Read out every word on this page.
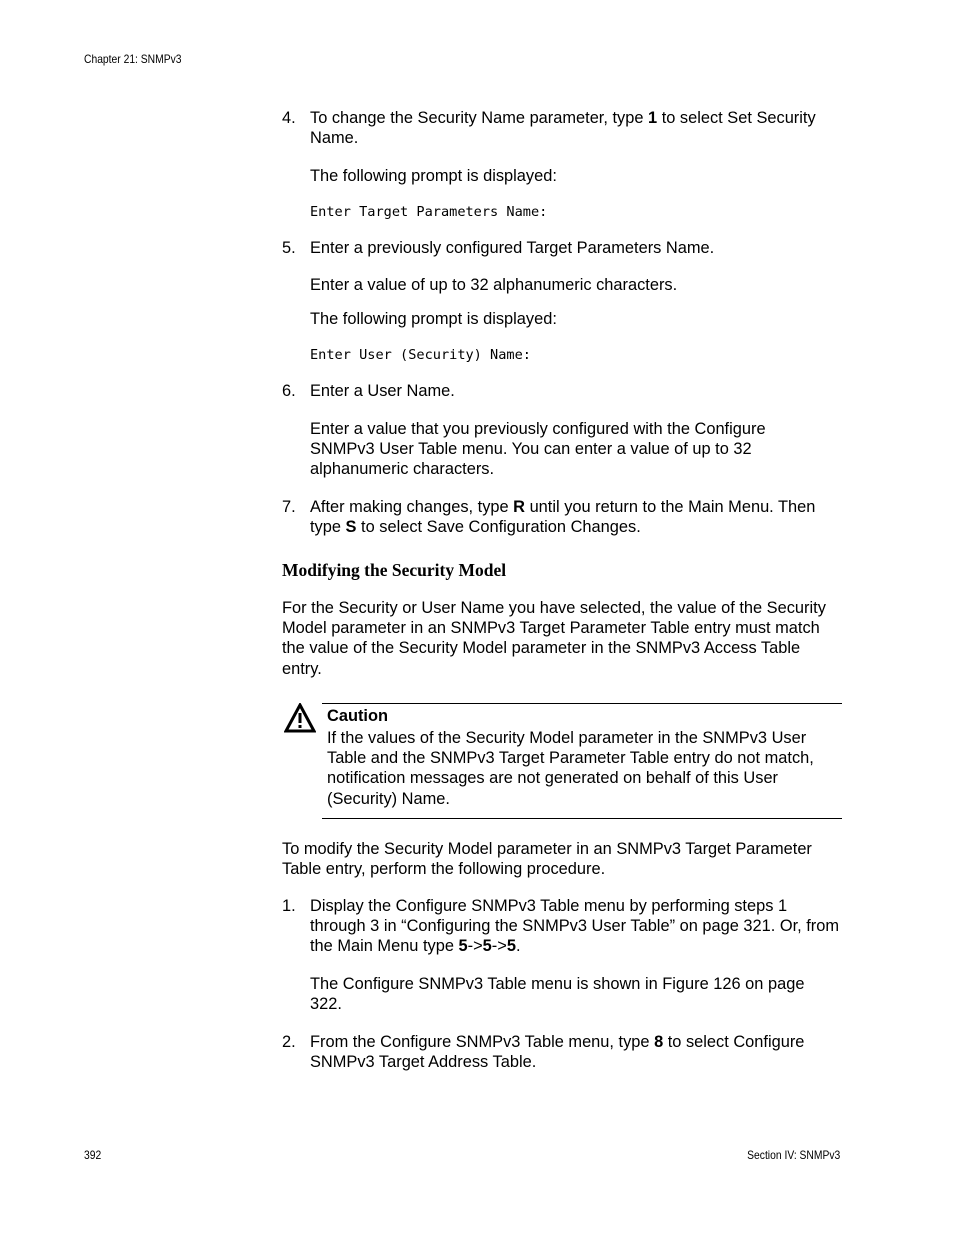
Chapter 21: SNMPv3
4. To change the Security Name parameter, type 1 to select Set Security Name.

The following prompt is displayed:

Enter Target Parameters Name:
5. Enter a previously configured Target Parameters Name.

Enter a value of up to 32 alphanumeric characters.

The following prompt is displayed:

Enter User (Security) Name:
6. Enter a User Name.

Enter a value that you previously configured with the Configure SNMPv3 User Table menu. You can enter a value of up to 32 alphanumeric characters.

7. After making changes, type R until you return to the Main Menu. Then type S to select Save Configuration Changes.

Modifying the Security Model

For the Security or User Name you have selected, the value of the Security Model parameter in an SNMPv3 Target Parameter Table entry must match the value of the Security Model parameter in the SNMPv3 Access Table entry.

Caution

If the values of the Security Model parameter in the SNMPv3 User Table and the SNMPv3 Target Parameter Table entry do not match, notification messages are not generated on behalf of this User (Security) Name.

To modify the Security Model parameter in an SNMPv3 Target Parameter Table entry, perform the following procedure.

1. Display the Configure SNMPv3 Table menu by performing steps 1 through 3 in “Configuring the SNMPv3 User Table” on page 321. Or, from the Main Menu type 5->5->5.

The Configure SNMPv3 Table menu is shown in Figure 126 on page 322.

2. From the Configure SNMPv3 Table menu, type 8 to select Configure SNMPv3 Target Address Table.

392	Section IV: SNMPv3
